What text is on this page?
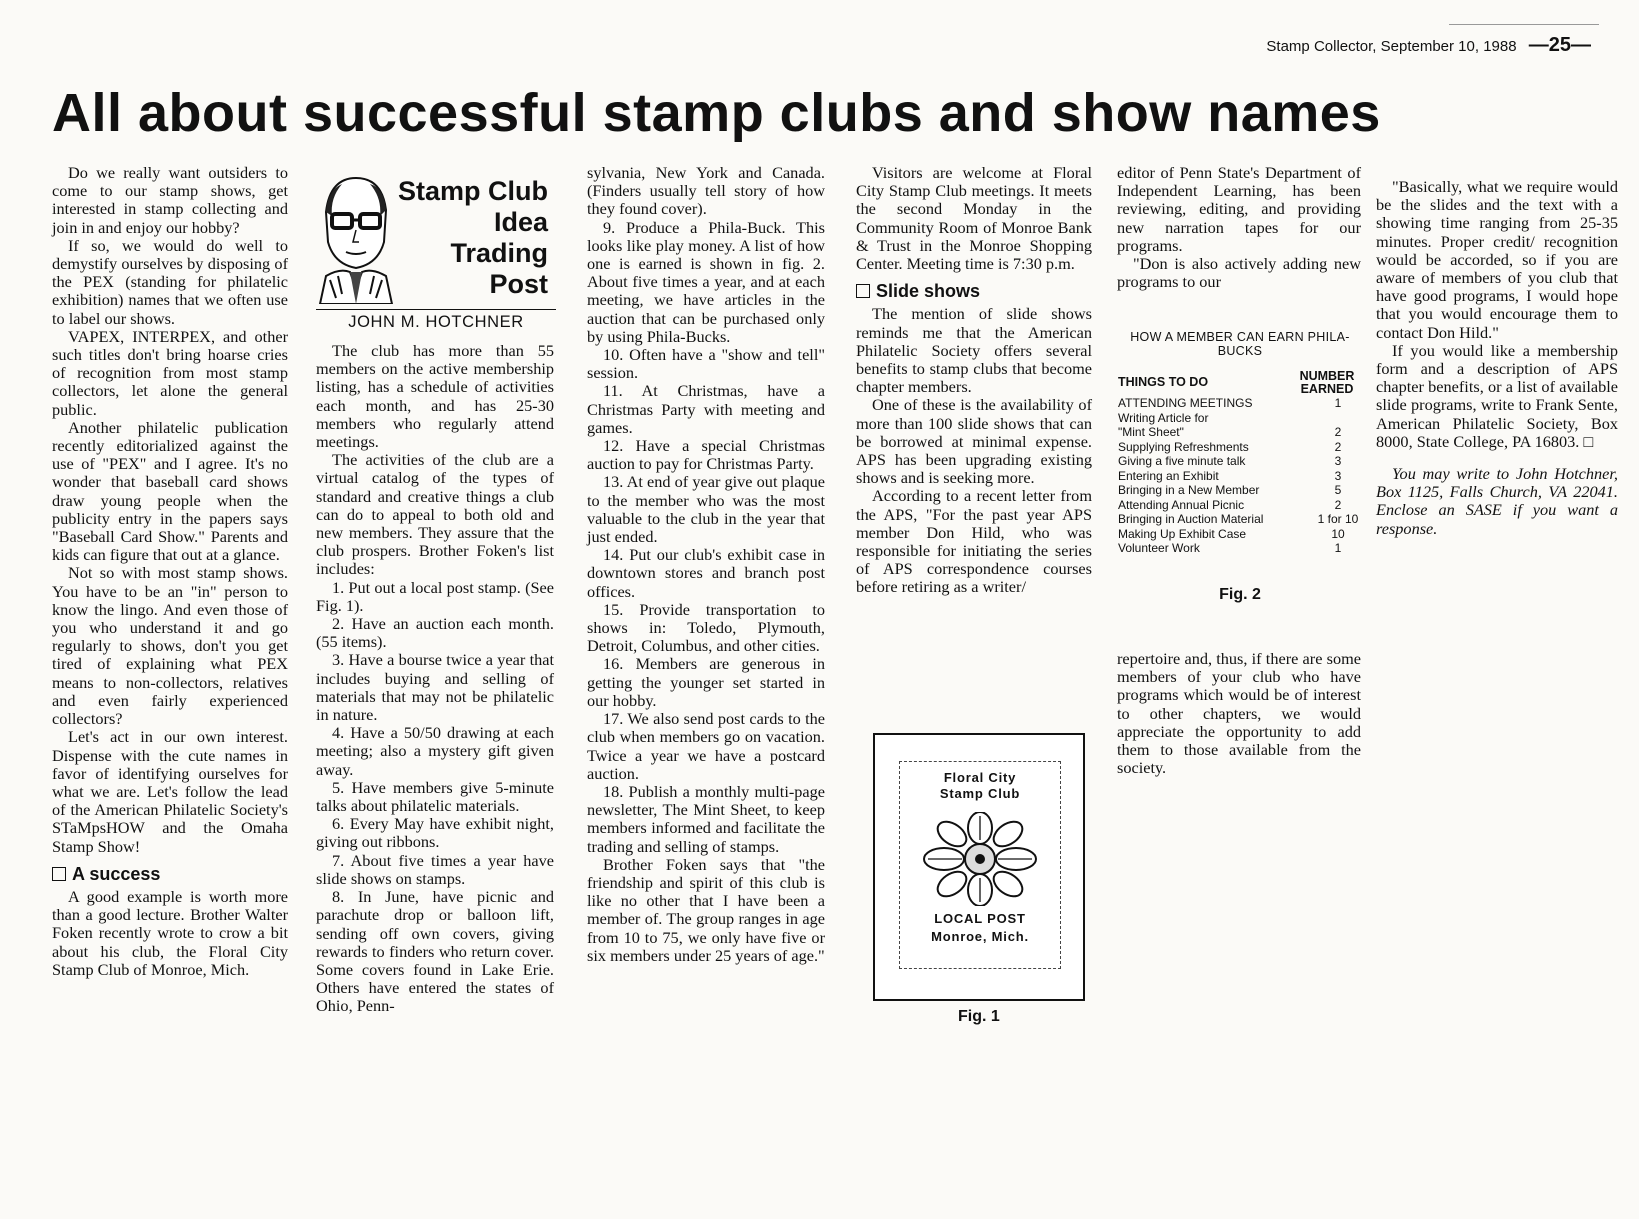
Stamp Collector, September 10, 1988 —25—
All about successful stamp clubs and show names

Do we really want outsiders to come to our stamp shows, get interested in stamp collecting and join in and enjoy our hobby?

If so, we would do well to demystify ourselves by disposing of the PEX (standing for philatelic exhibition) names that we often use to label our shows.

VAPEX, INTERPEX, and other such titles don't bring hoarse cries of recognition from most stamp collectors, let alone the general public.

Another philatelic publication recently editorialized against the use of "PEX" and I agree. It's no wonder that baseball card shows draw young people when the publicity entry in the papers says "Baseball Card Show." Parents and kids can figure that out at a glance.

Not so with most stamp shows. You have to be an "in" person to know the lingo. And even those of you who understand it and go regularly to shows, don't you get tired of explaining what PEX means to non-collectors, relatives and even fairly experienced collectors?

Let's act in our own interest. Dispense with the cute names in favor of identifying ourselves for what we are. Let's follow the lead of the American Philatelic Society's STaMpsHOW and the Omaha Stamp Show!

A success

A good example is worth more than a good lecture. Brother Walter Foken recently wrote to crow a bit about his club, the Floral City Stamp Club of Monroe, Mich.

Stamp Club
Idea
Trading
Post
JOHN M. HOTCHNER

The club has more than 55 members on the active membership listing, has a schedule of activities each month, and has 25-30 members who regularly attend meetings.

The activities of the club are a virtual catalog of the types of standard and creative things a club can do to appeal to both old and new members. They assure that the club prospers. Brother Foken's list includes:

1. Put out a local post stamp. (See Fig. 1).

2. Have an auction each month. (55 items).

3. Have a bourse twice a year that includes buying and selling of materials that may not be philatelic in nature.

4. Have a 50/50 drawing at each meeting; also a mystery gift given away.

5. Have members give 5-minute talks about philatelic materials.

6. Every May have exhibit night, giving out ribbons.

7. About five times a year have slide shows on stamps.

8. In June, have picnic and parachute drop or balloon lift, sending off own covers, giving rewards to finders who return cover. Some covers found in Lake Erie. Others have entered the states of Ohio, Penn-

sylvania, New York and Canada. (Finders usually tell story of how they found cover).

9. Produce a Phila-Buck. This looks like play money. A list of how one is earned is shown in fig. 2. About five times a year, and at each meeting, we have articles in the auction that can be purchased only by using Phila-Bucks.

10. Often have a "show and tell" session.

11. At Christmas, have a Christmas Party with meeting and games.

12. Have a special Christmas auction to pay for Christmas Party.

13. At end of year give out plaque to the member who was the most valuable to the club in the year that just ended.

14. Put our club's exhibit case in downtown stores and branch post offices.

15. Provide transportation to shows in: Toledo, Plymouth, Detroit, Columbus, and other cities.

16. Members are generous in getting the younger set started in our hobby.

17. We also send post cards to the club when members go on vacation. Twice a year we have a postcard auction.

18. Publish a monthly multi-page newsletter, The Mint Sheet, to keep members informed and facilitate the trading and selling of stamps.

Brother Foken says that "the friendship and spirit of this club is like no other that I have been a member of. The group ranges in age from 10 to 75, we only have five or six members under 25 years of age."

Visitors are welcome at Floral City Stamp Club meetings. It meets the second Monday in the Community Room of Monroe Bank & Trust in the Monroe Shopping Center. Meeting time is 7:30 p.m.

Slide shows

The mention of slide shows reminds me that the American Philatelic Society offers several benefits to stamp clubs that become chapter members.

One of these is the availability of more than 100 slide shows that can be borrowed at minimal expense. APS has been upgrading existing shows and is seeking more.

According to a recent letter from the APS, "For the past year APS member Don Hild, who was responsible for initiating the series of APS correspondence courses before retiring as a writer/

Floral City
Stamp Club
LOCAL POST
Monroe, Mich.
Fig. 1

editor of Penn State's Department of Independent Learning, has been reviewing, editing, and providing new narration tapes for our programs.

"Don is also actively adding new programs to our

HOW A MEMBER CAN EARN PHILA-BUCKS
THINGS TO DO	NUMBER EARNED
ATTENDING MEETINGS	1
Writing Article for
"Mint Sheet"	2
Supplying Refreshments	2
Giving a five minute talk	3
Entering an Exhibit	3
Bringing in a New Member	5
Attending Annual Picnic	2
Bringing in Auction Material	1 for 10
Making Up Exhibit Case	10
Volunteer Work	1
Fig. 2

repertoire and, thus, if there are some members of your club who have programs which would be of interest to other chapters, we would appreciate the opportunity to add them to those available from the society.

"Basically, what we require would be the slides and the text with a showing time ranging from 25-35 minutes. Proper credit/ recognition would be accorded, so if you are aware of members of you club that have good programs, I would hope that you would encourage them to contact Don Hild."

If you would like a membership form and a description of APS chapter benefits, or a list of available slide programs, write to Frank Sente, American Philatelic Society, Box 8000, State College, PA 16803. □

You may write to John Hotchner, Box 1125, Falls Church, VA 22041. Enclose an SASE if you want a response.
